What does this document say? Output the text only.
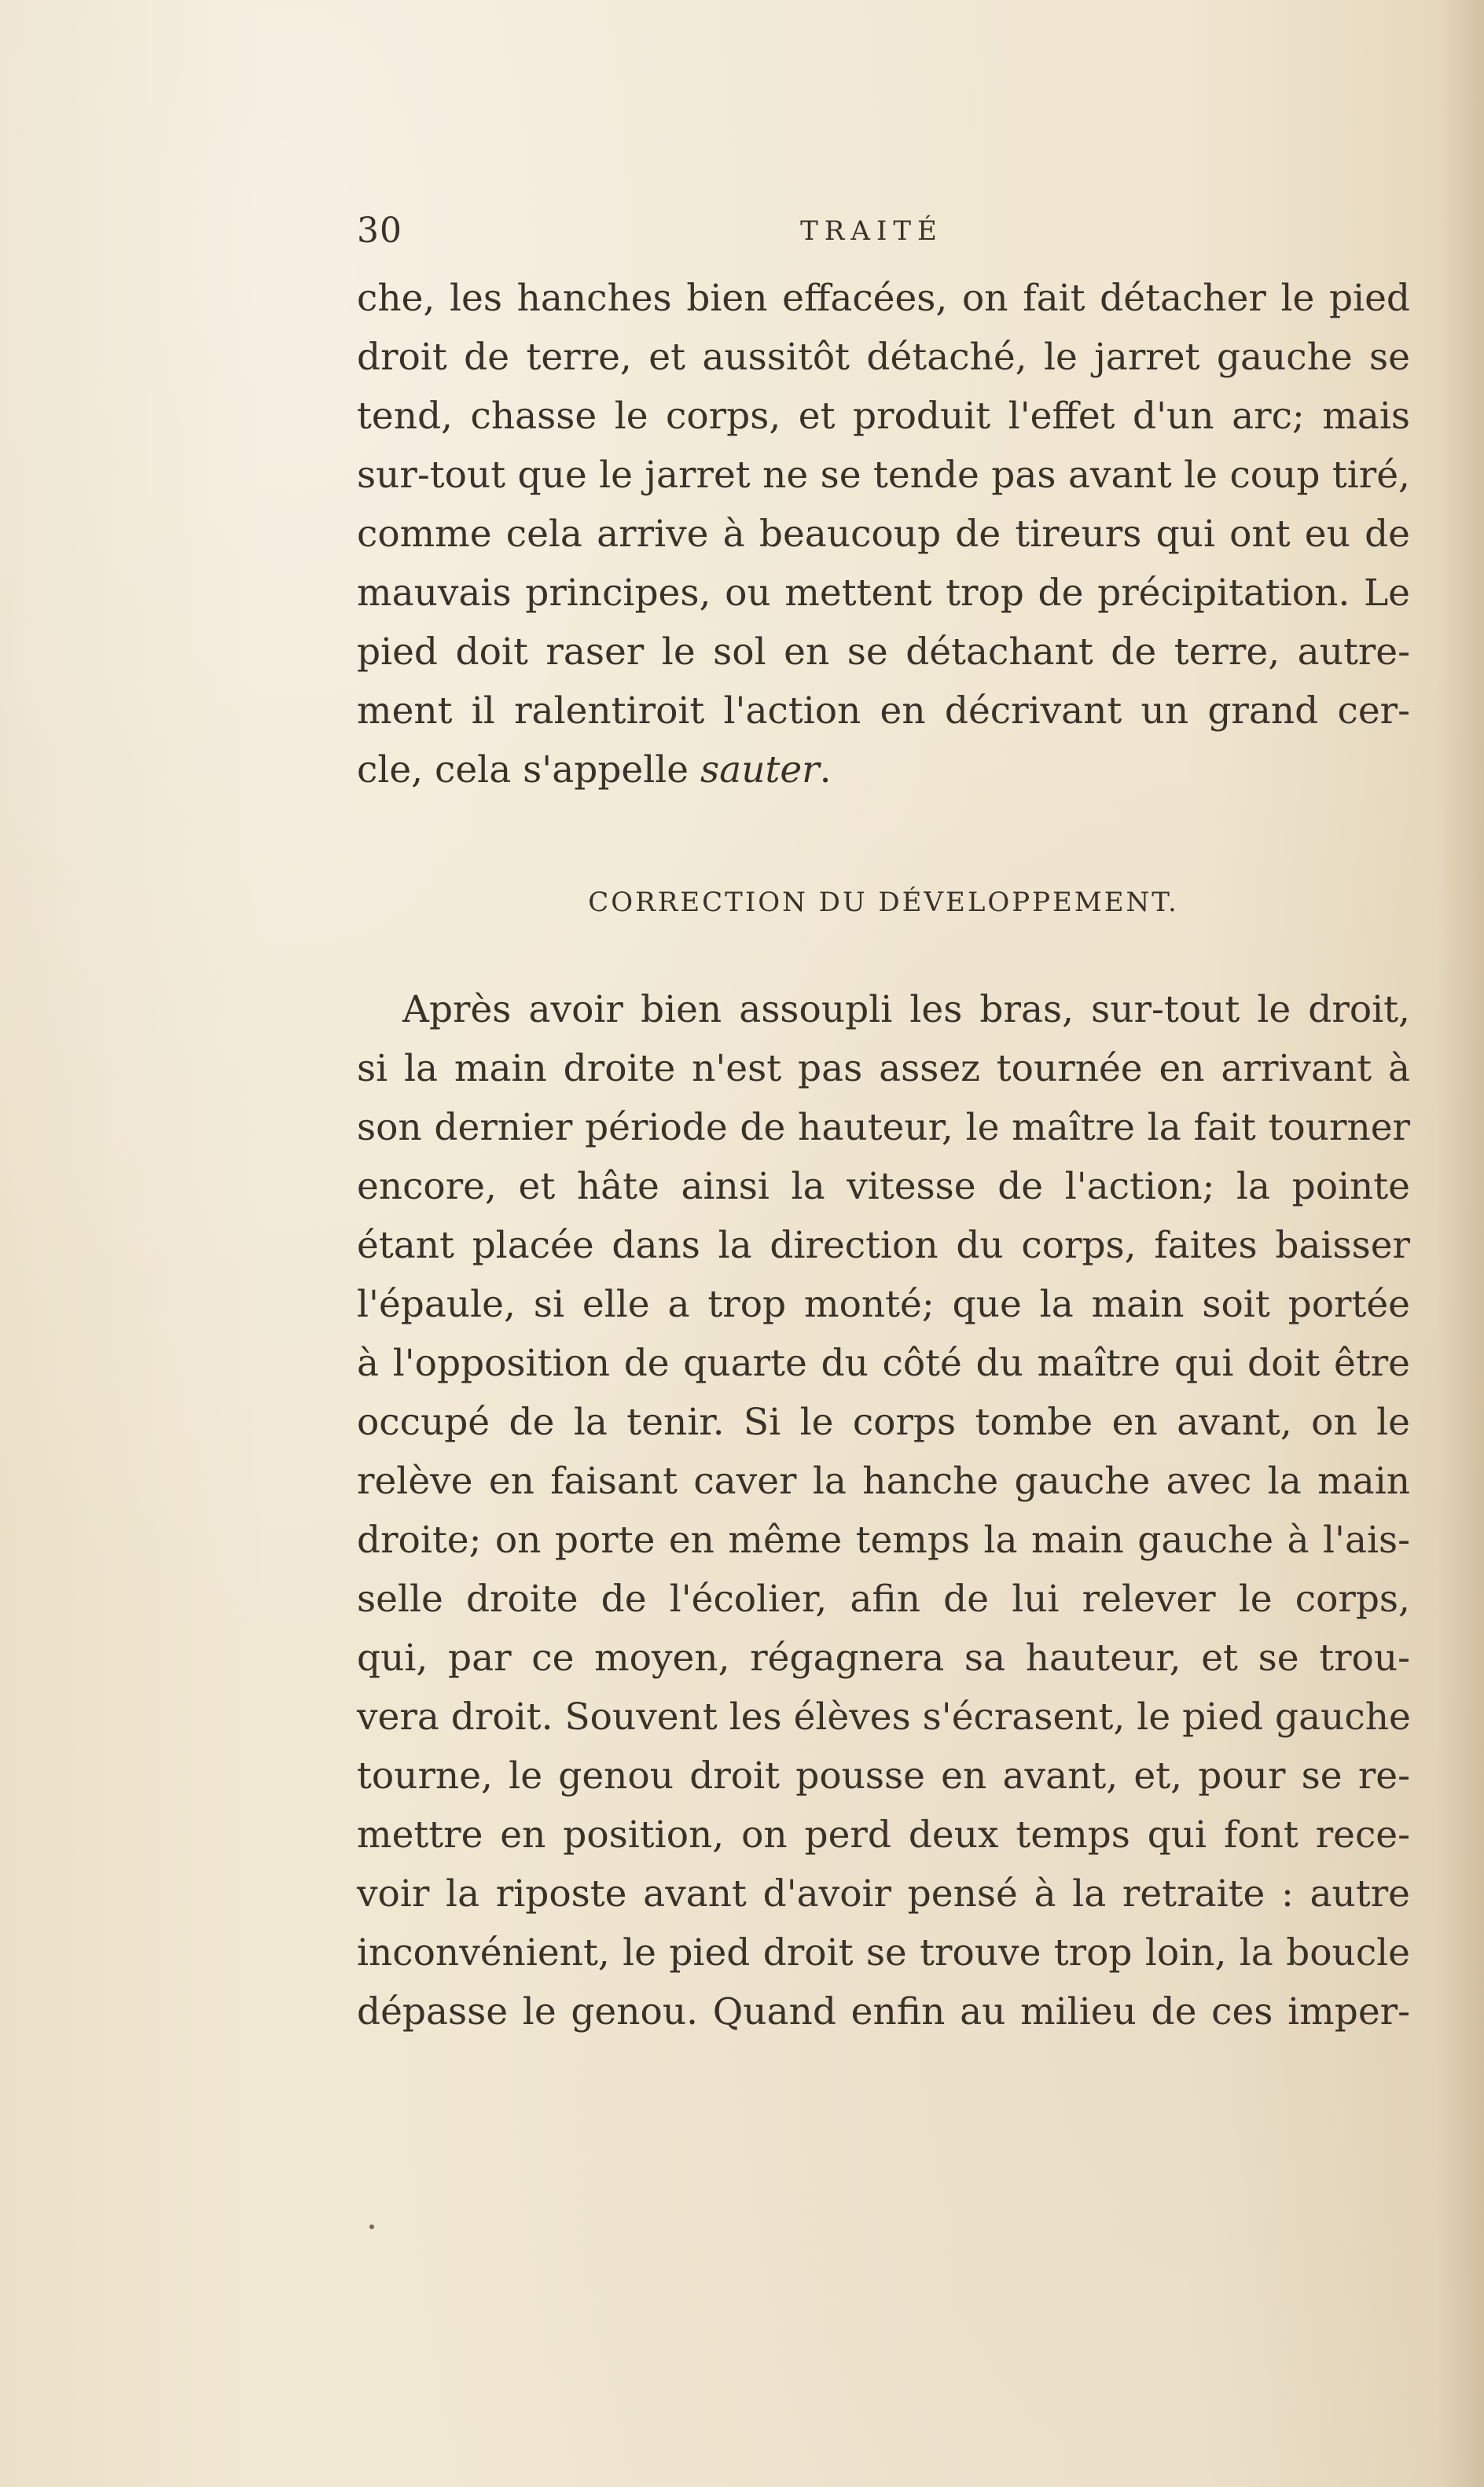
30	TRAITÉ
che, les hanches bien effacées, on fait détacher le pied
droit de terre, et aussitôt détaché, le jarret gauche se
tend, chasse le corps, et produit l'effet d'un arc; mais
sur-tout que le jarret ne se tende pas avant le coup tiré,
comme cela arrive à beaucoup de tireurs qui ont eu de
mauvais principes, ou mettent trop de précipitation. Le
pied doit raser le sol en se détachant de terre, autre-
ment il ralentiroit l'action en décrivant un grand cer-
cle, cela s'appelle sauter.
CORRECTION DU DÉVELOPPEMENT.
Après avoir bien assoupli les bras, sur-tout le droit,
si la main droite n'est pas assez tournée en arrivant à
son dernier période de hauteur, le maître la fait tourner
encore, et hâte ainsi la vitesse de l'action; la pointe
étant placée dans la direction du corps, faites baisser
l'épaule, si elle a trop monté; que la main soit portée
à l'opposition de quarte du côté du maître qui doit être
occupé de la tenir. Si le corps tombe en avant, on le
relève en faisant caver la hanche gauche avec la main
droite; on porte en même temps la main gauche à l'ais-
selle droite de l'écolier, afin de lui relever le corps,
qui, par ce moyen, régagnera sa hauteur, et se trou-
vera droit. Souvent les élèves s'écrasent, le pied gauche
tourne, le genou droit pousse en avant, et, pour se re-
mettre en position, on perd deux temps qui font rece-
voir la riposte avant d'avoir pensé à la retraite : autre
inconvénient, le pied droit se trouve trop loin, la boucle
dépasse le genou. Quand enfin au milieu de ces imper-
